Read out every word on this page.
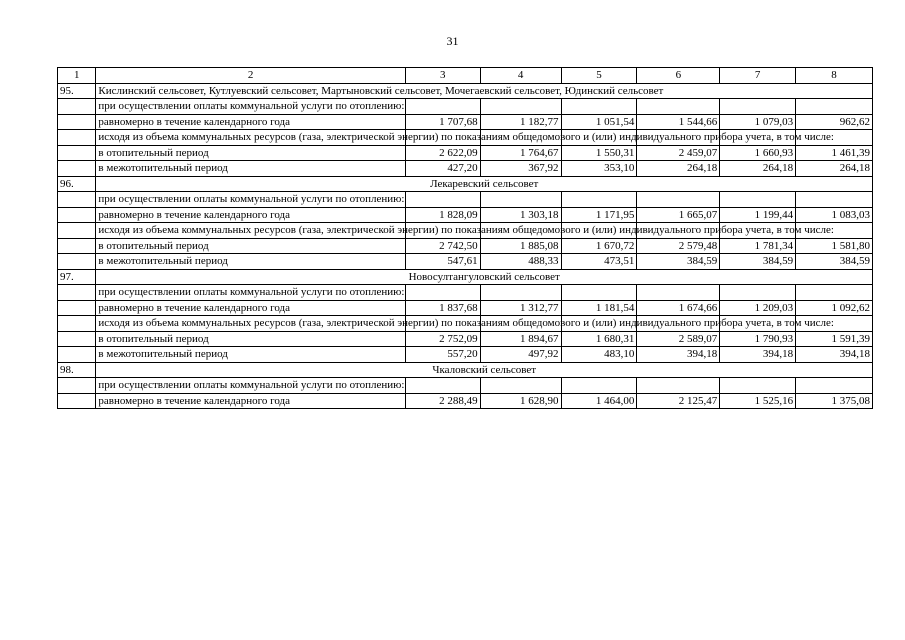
31
1	2	3	4	5	6	7	8
95.	Кислинский сельсовет, Кутлуевский сельсовет, Мартыновский сельсовет, Мочегаевский сельсовет, Юдинский сельсовет						
	при осуществлении оплаты коммунальной услуги по отоплению:						
	равномерно в течение календарного года	1 707,68	1 182,77	1 051,54	1 544,66	1 079,03	962,62
	исходя из объема коммунальных ресурсов (газа, электрической энергии) по показаниям общедомового и (или) индивидуального прибора учета, в том числе:						
	в отопительный период	2 622,09	1 764,67	1 550,31	2 459,07	1 660,93	1 461,39
	в межотопительный период	427,20	367,92	353,10	264,18	264,18	264,18
96.	Лекаревский сельсовет						
	при осуществлении оплаты коммунальной услуги по отоплению:						
	равномерно в течение календарного года	1 828,09	1 303,18	1 171,95	1 665,07	1 199,44	1 083,03
	исходя из объема коммунальных ресурсов (газа, электрической энергии) по показаниям общедомового и (или) индивидуального прибора учета, в том числе:						
	в отопительный период	2 742,50	1 885,08	1 670,72	2 579,48	1 781,34	1 581,80
	в межотопительный период	547,61	488,33	473,51	384,59	384,59	384,59
97.	Новосултангуловский сельсовет						
	при осуществлении оплаты коммунальной услуги по отоплению:						
	равномерно в течение календарного года	1 837,68	1 312,77	1 181,54	1 674,66	1 209,03	1 092,62
	исходя из объема коммунальных ресурсов (газа, электрической энергии) по показаниям общедомового и (или) индивидуального прибора учета, в том числе:						
	в отопительный период	2 752,09	1 894,67	1 680,31	2 589,07	1 790,93	1 591,39
	в межотопительный период	557,20	497,92	483,10	394,18	394,18	394,18
98.	Чкаловский сельсовет						
	при осуществлении оплаты коммунальной услуги по отоплению:						
	равномерно в течение календарного года	2 288,49	1 628,90	1 464,00	2 125,47	1 525,16	1 375,08
